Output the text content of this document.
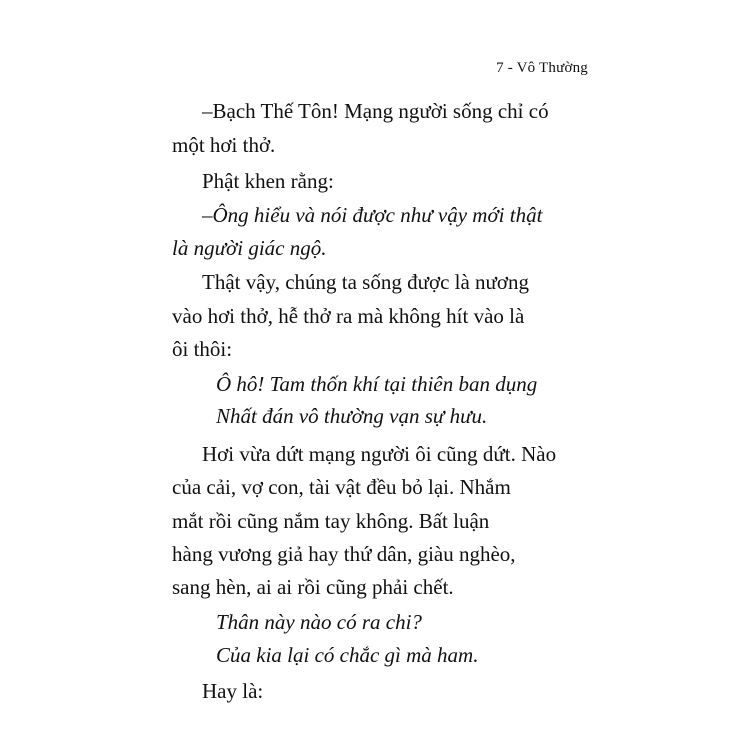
7 - Vô Thường
–Bạch Thế Tôn! Mạng người sống chỉ có
một hơi thở.
Phật khen rằng:
–Ông hiểu và nói được như vậy mới thật
là người giác ngộ.
Thật vậy, chúng ta sống được là nương
vào hơi thở, hễ thở ra mà không hít vào là
ôi thôi:
Ô hô! Tam thốn khí tại thiên ban dụng
Nhất đán vô thường vạn sự hưu.
Hơi vừa dứt mạng người ôi cũng dứt. Nào
của cải, vợ con, tài vật đều bỏ lại. Nhắm
mắt rồi cũng nắm tay không. Bất luận
hàng vương giả hay thứ dân, giàu nghèo,
sang hèn, ai ai rồi cũng phải chết.
Thân này nào có ra chi?
Của kia lại có chắc gì mà ham.
Hay là:
